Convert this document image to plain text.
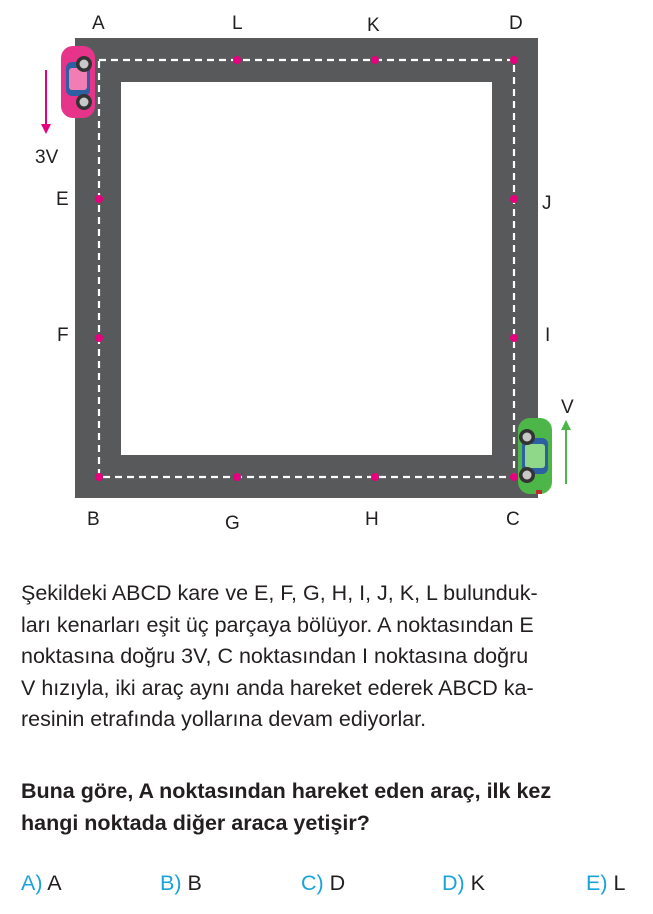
A	L	K	D
3V
E
F
J
I
V
B	G	H	C

Şekildeki ABCD kare ve E, F, G, H, I, J, K, L bulunduk-
ları kenarları eşit üç parçaya bölüyor. A noktasından E
noktasına doğru 3V, C noktasından I noktasına doğru
V hızıyla, iki araç aynı anda hareket ederek ABCD ka-
resinin etrafında yollarına devam ediyorlar.

Buna göre, A noktasından hareket eden araç, ilk kez
hangi noktada diğer araca yetişir?

A) A	B) B	C) D	D) K	E) L
